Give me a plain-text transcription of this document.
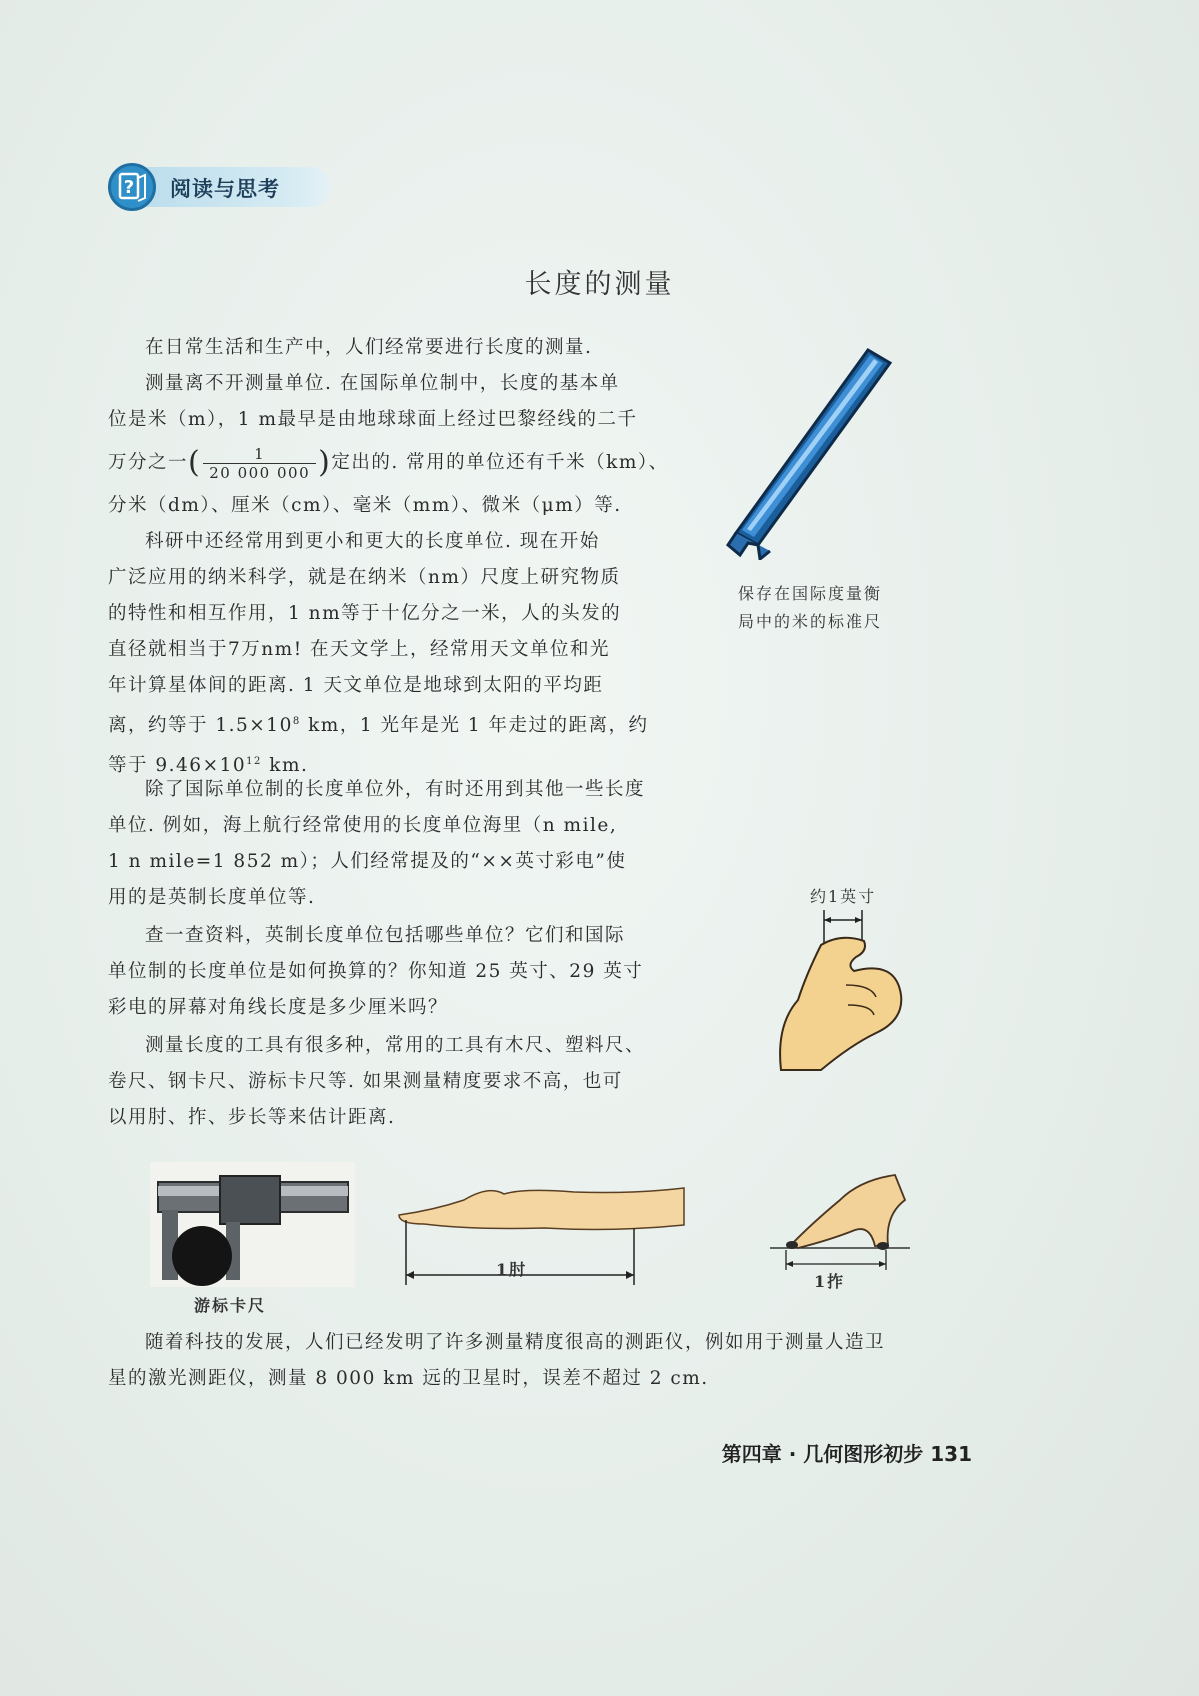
? 阅读与思考
长度的测量
在日常生活和生产中，人们经常要进行长度的测量.
测量离不开测量单位. 在国际单位制中，长度的基本单
位是米（m），1 m最早是由地球球面上经过巴黎经线的二千
万分之一( $\frac{1}{20 000 000}$ )定出的. 常用的单位还有千米（km）、
分米（dm）、厘米（cm）、毫米（mm）、微米（μm）等.
科研中还经常用到更小和更大的长度单位. 现在开始
广泛应用的纳米科学，就是在纳米（nm）尺度上研究物质
的特性和相互作用，1 nm等于十亿分之一米，人的头发的
直径就相当于7万nm! 在天文学上，经常用天文单位和光
年计算星体间的距离. 1 天文单位是地球到太阳的平均距
离，约等于 $1.5\times 10^8$ km，1 光年是光 1 年走过的距离，约
等于 $9.46\times 10^{12}$ km.
除了国际单位制的长度单位外，有时还用到其他一些长度
单位. 例如，海上航行经常使用的长度单位海里（n mile,
1 n mile=1 852 m）；人们经常提及的“××英寸彩电”使
用的是英制长度单位等.
查一查资料，英制长度单位包括哪些单位？它们和国际
单位制的长度单位是如何换算的？你知道 25 英寸、29 英寸
彩电的屏幕对角线长度是多少厘米吗？
测量长度的工具有很多种，常用的工具有木尺、塑料尺、
卷尺、钢卡尺、游标卡尺等. 如果测量精度要求不高，也可
以用肘、拃、步长等来估计距离.
随着科技的发展，人们已经发明了许多测量精度很高的测距仪，例如用于测量人造卫
星的激光测距仪，测量 8 000 km 远的卫星时，误差不超过 2 cm.
保存在国际度量衡
局中的米的标准尺
约1英寸
游标卡尺
1肘
1拃
第四章 · 几何图形初步 131
